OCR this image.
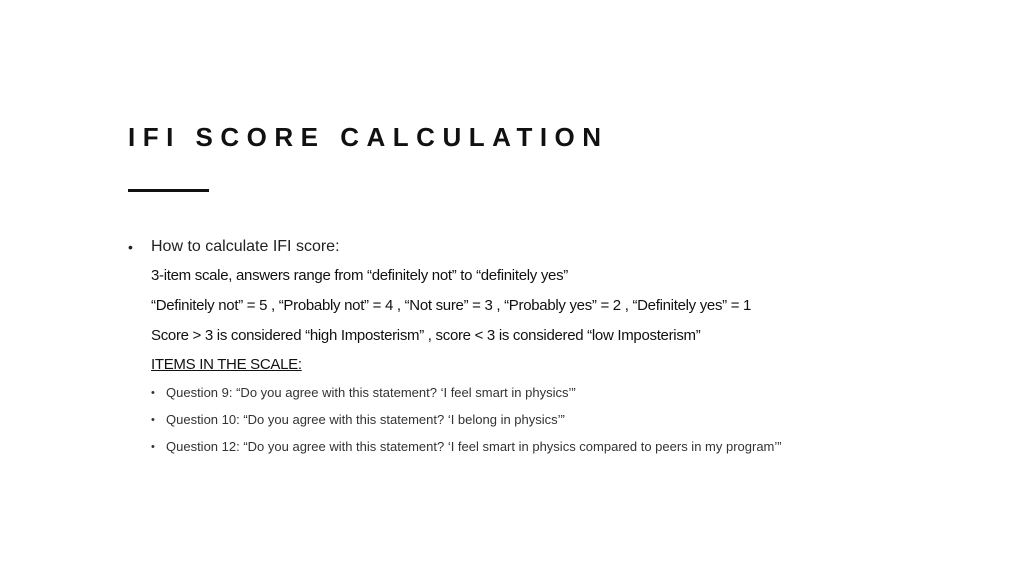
IFI SCORE CALCULATION
• How to calculate IFI score:
3-item scale, answers range from “definitely not” to “definitely yes”
“Definitely not” = 5 , “Probably not” = 4 , “Not sure” = 3 , “Probably yes” = 2 , “Definitely yes” = 1
Score > 3 is considered “high Imposterism” , score < 3 is considered “low Imposterism”
ITEMS IN THE SCALE:
• Question 9: “Do you agree with this statement? ‘I feel smart in physics’”
• Question 10: “Do you agree with this statement? ‘I belong in physics’”
• Question 12: “Do you agree with this statement? ‘I feel smart in physics compared to peers in my program’”
